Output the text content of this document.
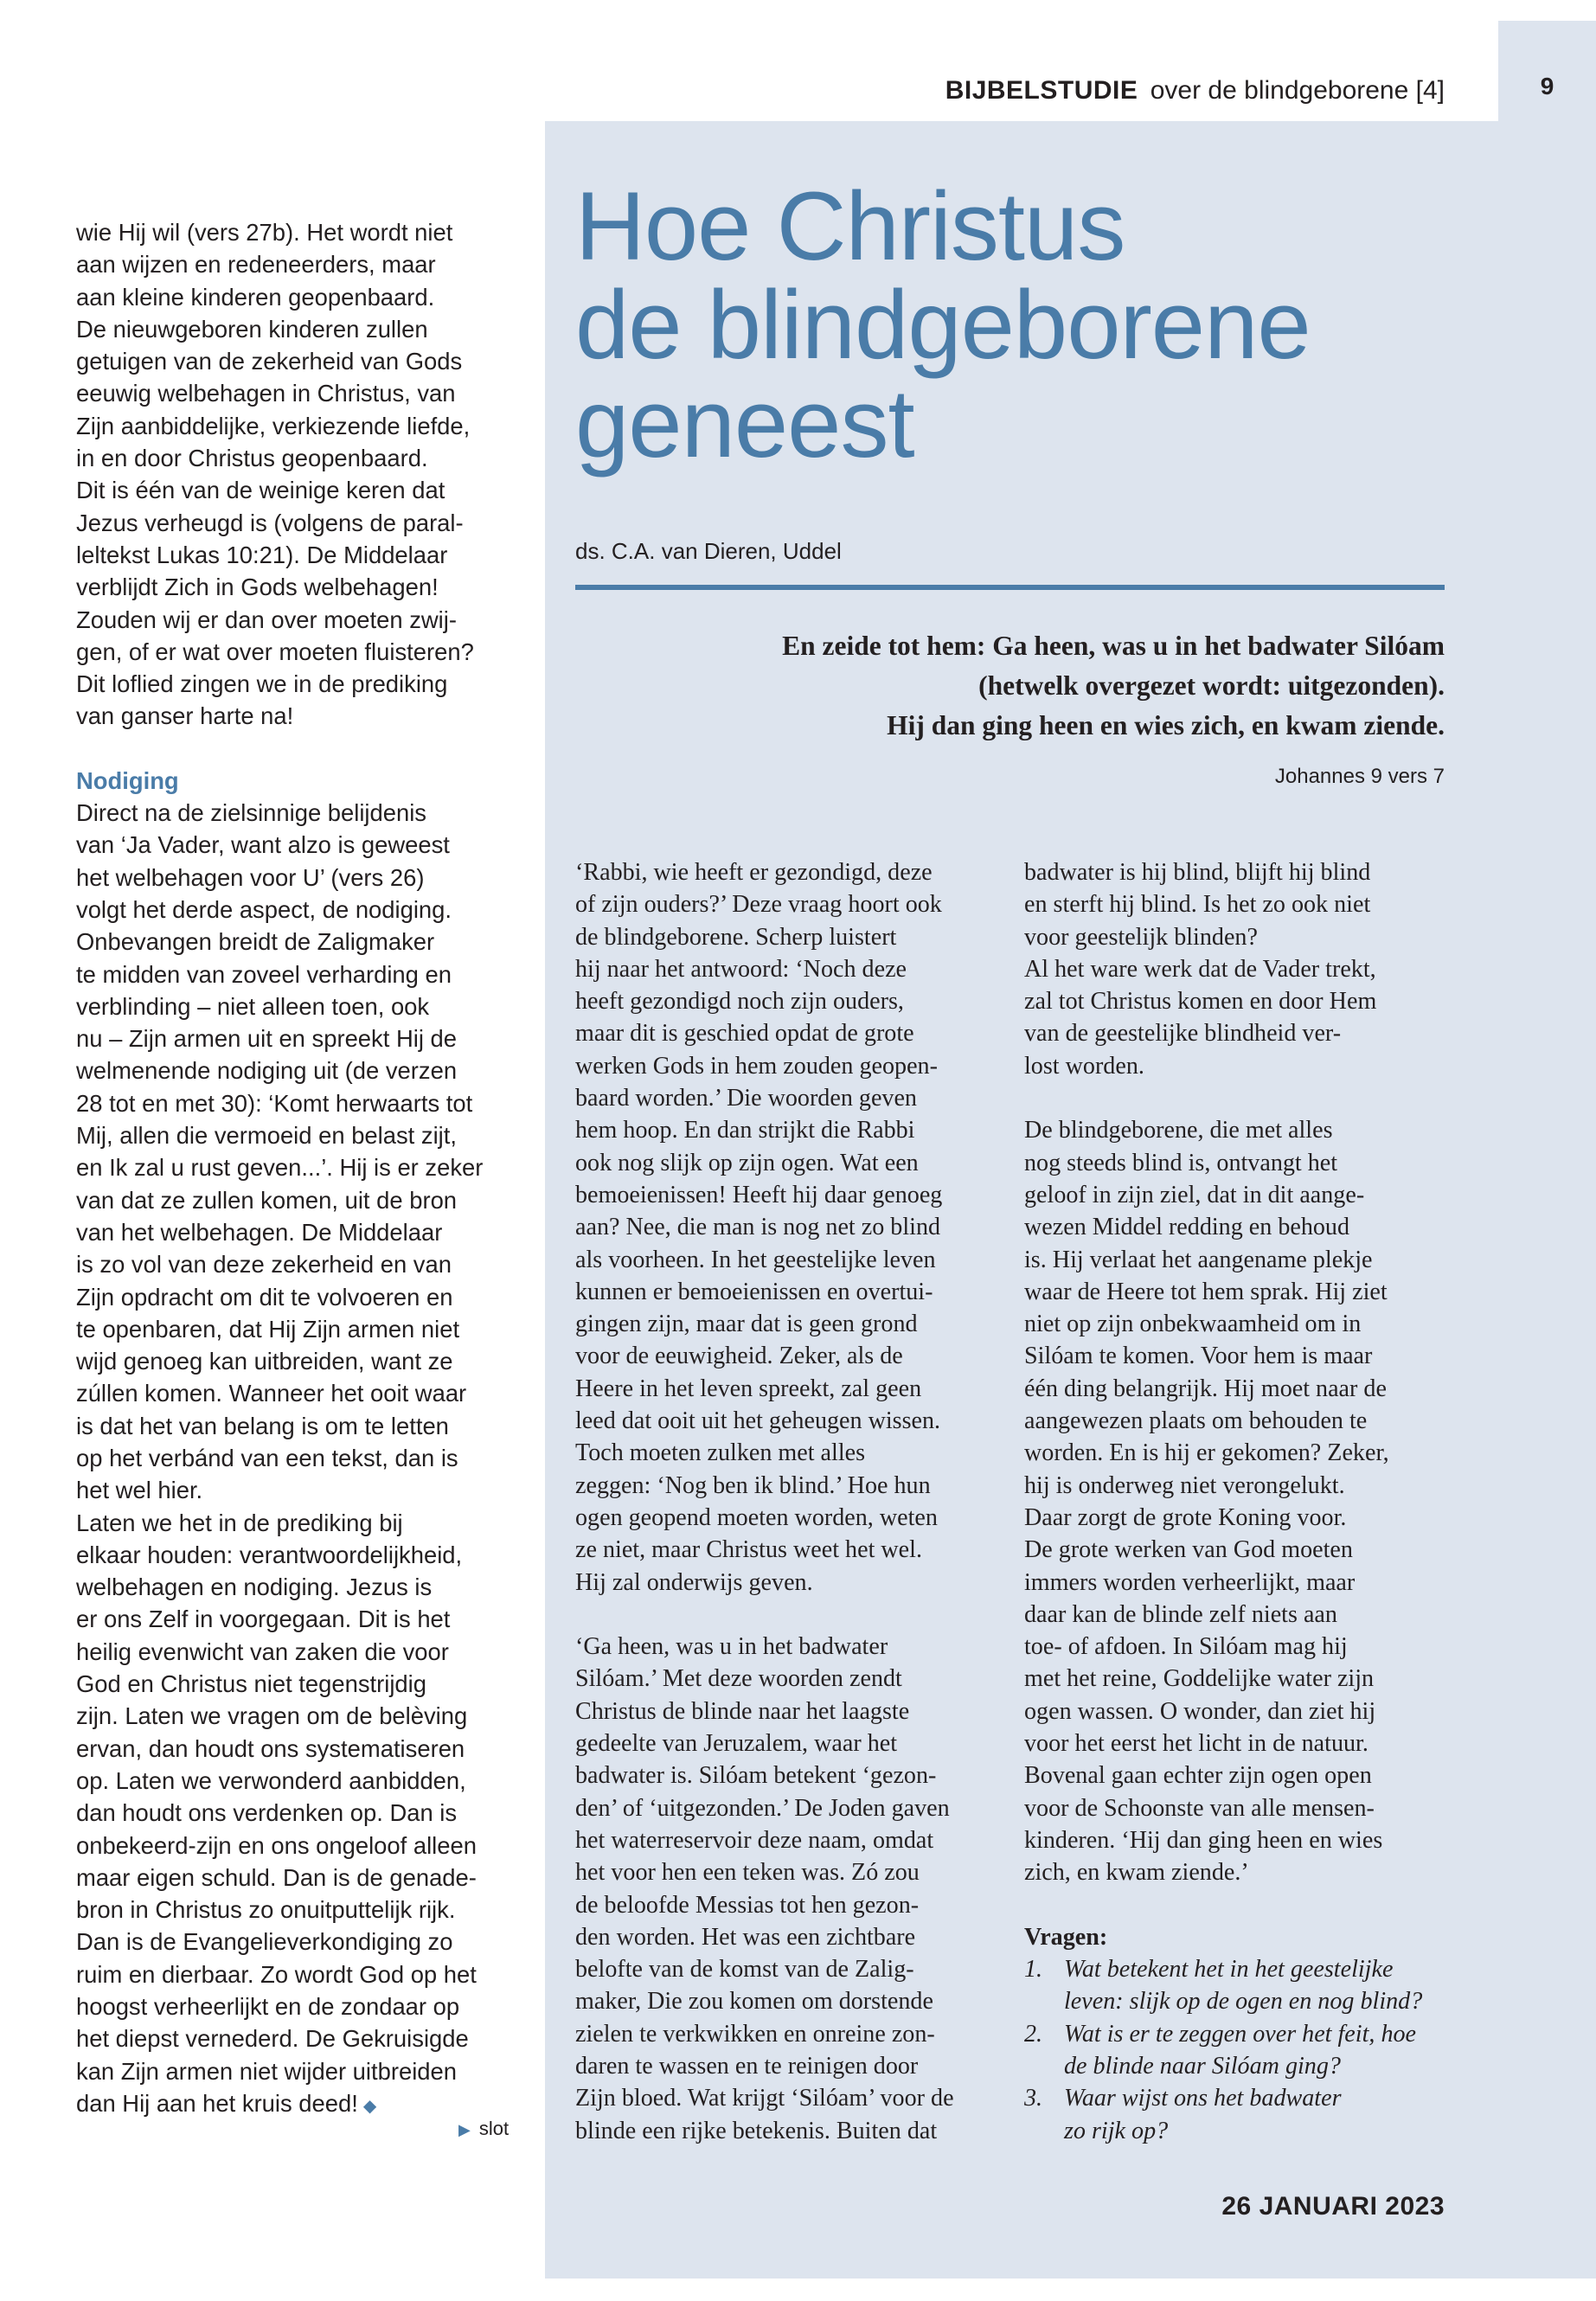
9
BIJBELSTUDIE over de blindgeborene [4]
Hoe Christus
de blindgeborene
geneest
ds. C.A. van Dieren, Uddel
En zeide tot hem: Ga heen, was u in het badwater Silóam
(hetwelk overgezet wordt: uitgezonden).
Hij dan ging heen en wies zich, en kwam ziende.
Johannes 9 vers 7
wie Hij wil (vers 27b). Het wordt niet
aan wijzen en redeneerders, maar
aan kleine kinderen geopenbaard.
De nieuwgeboren kinderen zullen
getuigen van de zekerheid van Gods
eeuwig welbehagen in Christus, van
Zijn aanbiddelijke, verkiezende liefde,
in en door Christus geopenbaard.
Dit is één van de weinige keren dat
Jezus verheugd is (volgens de paral-
leltekst Lukas 10:21). De Middelaar
verblijdt Zich in Gods welbehagen!
Zouden wij er dan over moeten zwij-
gen, of er wat over moeten fluisteren?
Dit loflied zingen we in de prediking
van ganser harte na!
Nodiging
Direct na de zielsinnige belijdenis
van ‘Ja Vader, want alzo is geweest
het welbehagen voor U’ (vers 26)
volgt het derde aspect, de nodiging.
Onbevangen breidt de Zaligmaker
te midden van zoveel verharding en
verblinding – niet alleen toen, ook
nu – Zijn armen uit en spreekt Hij de
welmenende nodiging uit (de verzen
28 tot en met 30): ‘Komt herwaarts tot
Mij, allen die vermoeid en belast zijt,
en Ik zal u rust geven...’. Hij is er zeker
van dat ze zullen komen, uit de bron
van het welbehagen. De Middelaar
is zo vol van deze zekerheid en van
Zijn opdracht om dit te volvoeren en
te openbaren, dat Hij Zijn armen niet
wijd genoeg kan uitbreiden, want ze
zúllen komen. Wanneer het ooit waar
is dat het van belang is om te letten
op het verbánd van een tekst, dan is
het wel hier.
Laten we het in de prediking bij
elkaar houden: verantwoordelijkheid,
welbehagen en nodiging. Jezus is
er ons Zelf in voorgegaan. Dit is het
heilig evenwicht van zaken die voor
God en Christus niet tegenstrijdig
zijn. Laten we vragen om de belèving
ervan, dan houdt ons systematiseren
op. Laten we verwonderd aanbidden,
dan houdt ons verdenken op. Dan is
onbekeerd-zijn en ons ongeloof alleen
maar eigen schuld. Dan is de genade-
bron in Christus zo onuitputtelijk rijk.
Dan is de Evangelieverkondiging zo
ruim en dierbaar. Zo wordt God op het
hoogst verheerlijkt en de zondaar op
het diepst vernederd. De Gekruisigde
kan Zijn armen niet wijder uitbreiden
dan Hij aan het kruis deed! ◆
▶ slot
‘Rabbi, wie heeft er gezondigd, deze
of zijn ouders?’ Deze vraag hoort ook
de blindgeborene. Scherp luistert
hij naar het antwoord: ‘Noch deze
heeft gezondigd noch zijn ouders,
maar dit is geschied opdat de grote
werken Gods in hem zouden geopen-
baard worden.’ Die woorden geven
hem hoop. En dan strijkt die Rabbi
ook nog slijk op zijn ogen. Wat een
bemoeienissen! Heeft hij daar genoeg
aan? Nee, die man is nog net zo blind
als voorheen. In het geestelijke leven
kunnen er bemoeienissen en overtui-
gingen zijn, maar dat is geen grond
voor de eeuwigheid. Zeker, als de
Heere in het leven spreekt, zal geen
leed dat ooit uit het geheugen wissen.
Toch moeten zulken met alles
zeggen: ‘Nog ben ik blind.’ Hoe hun
ogen geopend moeten worden, weten
ze niet, maar Christus weet het wel.
Hij zal onderwijs geven.
‘Ga heen, was u in het badwater
Silóam.’ Met deze woorden zendt
Christus de blinde naar het laagste
gedeelte van Jeruzalem, waar het
badwater is. Silóam betekent ‘gezon-
den’ of ‘uitgezonden.’ De Joden gaven
het waterreservoir deze naam, omdat
het voor hen een teken was. Zó zou
de beloofde Messias tot hen gezon-
den worden. Het was een zichtbare
belofte van de komst van de Zalig-
maker, Die zou komen om dorstende
zielen te verkwikken en onreine zon-
daren te wassen en te reinigen door
Zijn bloed. Wat krijgt ‘Silóam’ voor de
blinde een rijke betekenis. Buiten dat
badwater is hij blind, blijft hij blind
en sterft hij blind. Is het zo ook niet
voor geestelijk blinden?
Al het ware werk dat de Vader trekt,
zal tot Christus komen en door Hem
van de geestelijke blindheid ver-
lost worden.
De blindgeborene, die met alles
nog steeds blind is, ontvangt het
geloof in zijn ziel, dat in dit aange-
wezen Middel redding en behoud
is. Hij verlaat het aangename plekje
waar de Heere tot hem sprak. Hij ziet
niet op zijn onbekwaamheid om in
Silóam te komen. Voor hem is maar
één ding belangrijk. Hij moet naar de
aangewezen plaats om behouden te
worden. En is hij er gekomen? Zeker,
hij is onderweg niet verongelukt.
Daar zorgt de grote Koning voor.
De grote werken van God moeten
immers worden verheerlijkt, maar
daar kan de blinde zelf niets aan
toe- of afdoen. In Silóam mag hij
met het reine, Goddelijke water zijn
ogen wassen. O wonder, dan ziet hij
voor het eerst het licht in de natuur.
Bovenal gaan echter zijn ogen open
voor de Schoonste van alle mensen-
kinderen. ‘Hij dan ging heen en wies
zich, en kwam ziende.’
Vragen:
1. Wat betekent het in het geestelijke
leven: slijk op de ogen en nog blind?
2. Wat is er te zeggen over het feit, hoe
de blinde naar Silóam ging?
3. Waar wijst ons het badwater
zo rijk op?
26 JANUARI 2023
